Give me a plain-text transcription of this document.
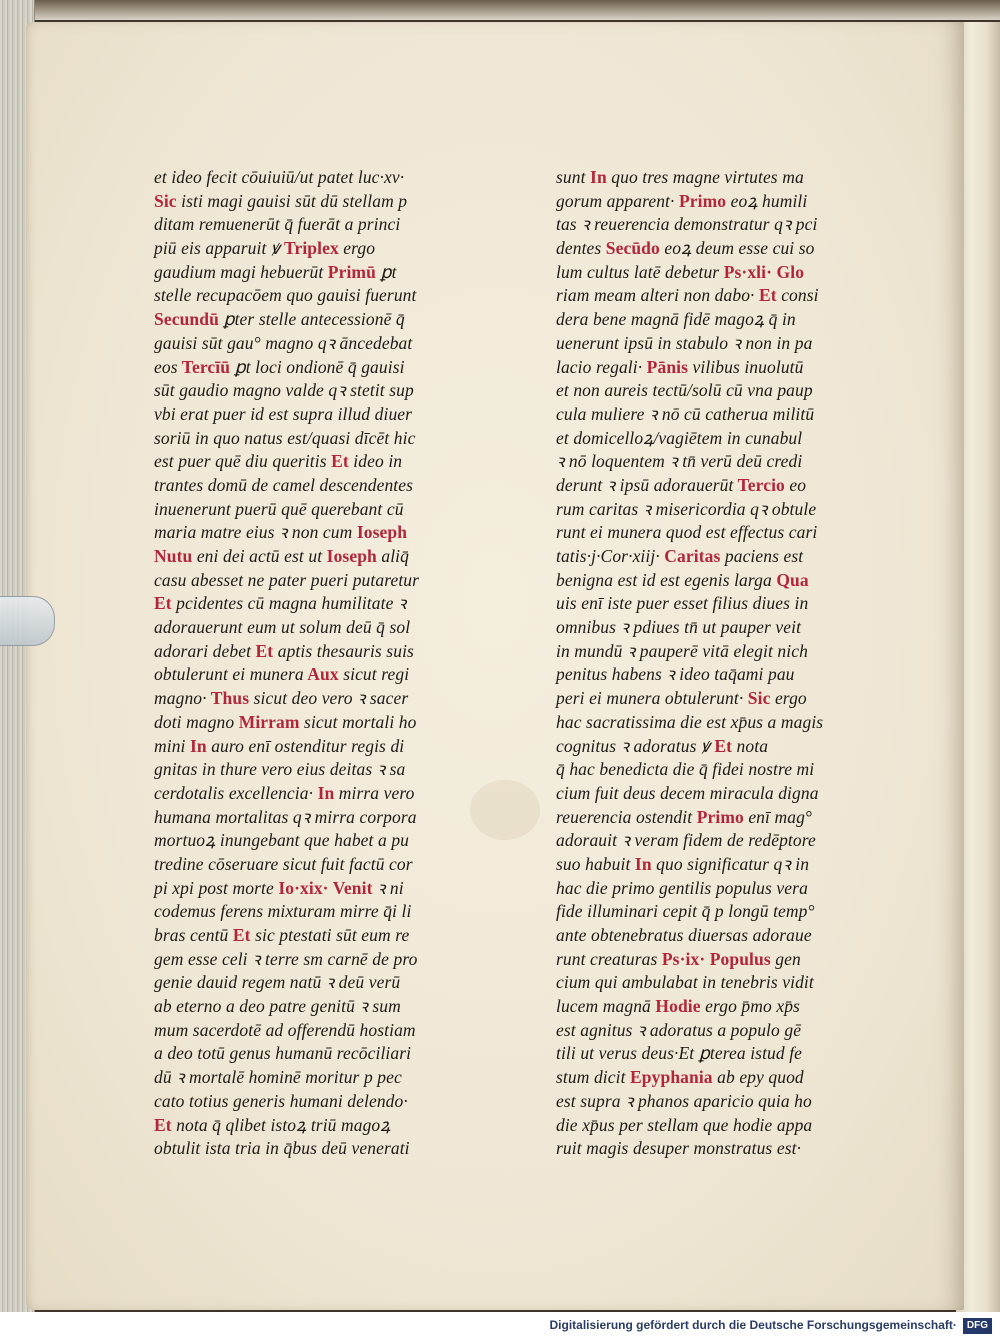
et ideo fecit cōuiuiū/ut patet luc·xv·
Sic isti magi gauisi sūt dū stellam p
ditam remuenerūt q̄ fuerāt a princi
piū eis apparuit ꝟ Triplex ergo
gaudium magi hebuerūt Primū ꝑt
stelle recupacōem quo gauisi fuerunt
Secundū ꝑter stelle antecessionē q̄
gauisi sūt gau° magno qꝛ āncedebat
eos Tercīū ꝑt loci ondionē q̄ gauisi
sūt gaudio magno valde qꝛ stetit sup
vbi erat puer id est supra illud diuer
soriū in quo natus est/quasi dīcēt hic
est puer quē diu queritis Et ideo in
trantes domū de camel descendentes
inuenerunt puerū quē querebant cū
maria matre eius ꝛ non cum Ioseph
Nutu eni dei actū est ut Ioseph aliq̄
casu abesset ne pater pueri putaretur
Et pcidentes cū magna humilitate ꝛ
adorauerunt eum ut solum deū q̄ sol
adorari debet Et aptis thesauris suis
obtulerunt ei munera Aux sicut regi
magno· Thus sicut deo vero ꝛ sacer
doti magno Mirram sicut mortali ho
mini In auro enī ostenditur regis di
gnitas in thure vero eius deitas ꝛ sa
cerdotalis excellencia· In mirra vero
humana mortalitas qꝛ mirra corpora
mortuoꝝ inungebant que habet a pu
tredine cōseruare sicut fuit factū cor
pi xpi post morte Io·xix· Venit ꝛ ni
codemus ferens mixturam mirre q̄i li
bras centū Et sic ptestati sūt eum re
gem esse celi ꝛ terre sm carnē de pro
genie dauid regem natū ꝛ deū verū
ab eterno a deo patre genitū ꝛ sum
mum sacerdotē ad offerendū hostiam
a deo totū genus humanū recōciliari
dū ꝛ mortalē hominē moritur p pec
cato totius generis humani delendo·
Et nota q̄ qlibet istoꝝ triū magoꝝ
obtulit ista tria in q̄bus deū venerati
sunt In quo tres magne virtutes ma
gorum apparent· Primo eoꝝ humili
tas ꝛ reuerencia demonstratur qꝛ pci
dentes Secūdo eoꝝ deum esse cui so
lum cultus latē debetur Ps·xli· Glo
riam meam alteri non dabo· Et consi
dera bene magnā fidē magoꝝ q̄ in
uenerunt ipsū in stabulo ꝛ non in pa
lacio regali· Pānis vilibus inuolutū
et non aureis tectū/solū cū vna paup
cula muliere ꝛ nō cū catherua militū
et domicelloꝝ/vagiētem in cunabul
ꝛ nō loquentem ꝛ tn̄ verū deū credi
derunt ꝛ ipsū adorauerūt Tercio eo
rum caritas ꝛ misericordia qꝛ obtule
runt ei munera quod est effectus cari
tatis·j·Cor·xiij· Caritas paciens est
benigna est id est egenis larga Qua
uis enī iste puer esset filius diues in
omnibus ꝛ pdiues tn̄ ut pauper veit
in mundū ꝛ pauperē vitā elegit nich
penitus habens ꝛ ideo taq̄ami pau
peri ei munera obtulerunt· Sic ergo
hac sacratissima die est xp̄us a magis
cognitus ꝛ adoratus ꝟ Et nota
q̄ hac benedicta die q̄ fidei nostre mi
cium fuit deus decem miracula digna
reuerencia ostendit Primo enī mag°
adorauit ꝛ veram fidem de redēptore
suo habuit In quo significatur qꝛ in
hac die primo gentilis populus vera
fide illuminari cepit q̄ p longū temp°
ante obtenebratus diuersas adoraue
runt creaturas Ps·ix· Populus gen
cium qui ambulabat in tenebris vidit
lucem magnā Hodie ergo p̄mo xp̄s
est agnitus ꝛ adoratus a populo gē
tili ut verus deus·Et ꝑterea istud fe
stum dicit Epyphania ab epy quod
est supra ꝛ phanos aparicio quia ho
die xp̄us per stellam que hodie appa
ruit magis desuper monstratus est·
Digitalisierung gefördert durch die Deutsche Forschungsgemeinschaft· DFG
